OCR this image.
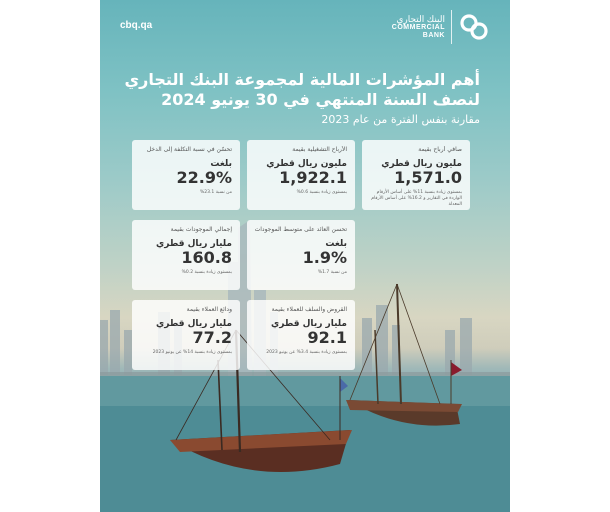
cbq.qa
البنك التجاري
COMMERCIAL
BANK
أهم المؤشرات المالية لمجموعة البنك التجاري
لنصف السنة المنتهي في 30 يونيو 2024
مقارنة بنفس الفترة من عام 2023
صافي أرباح بقيمة
مليون ريال قطري
1,571.0
بمستوى زيادة بنسبة 11% على أساس الأرقام الواردة في التقارير و 16.2% على أساس الأرقام المعدلة
الأرباح التشغيلية بقيمة
مليون ريال قطري
1,922.1
بمستوى زيادة بنسبة 0.6%
تحسّن في نسبة التكلفة إلى الدخل
بلغت
22.9%
من نسبة 23.1%
تحسن العائد على متوسط الموجودات
بلغت
1.9%
من نسبة 1.7%
إجمالي الموجودات بقيمة
مليار ريال قطري
160.8
بمستوى زيادة بنسبة 0.2%
القروض والسلف للعملاء بقيمة
مليار ريال قطري
92.1
بمستوى زيادة بنسبة 3.4% عن يونيو 2023
ودائع العملاء بقيمة
مليار ريال قطري
77.2
بمستوى زيادة بنسبة 14% عن يونيو 2023
